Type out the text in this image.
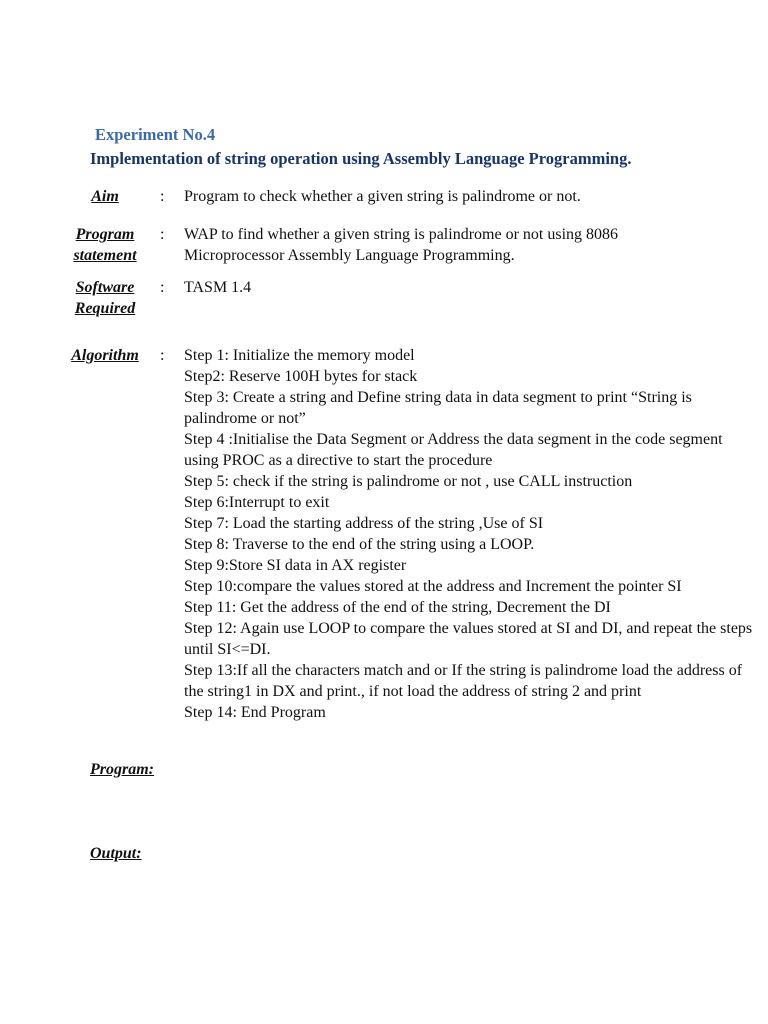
Experiment No.4
Implementation of string operation using Assembly Language Programming.
Aim	: Program to check whether a given string is palindrome or not.
Program
statement
: WAP to find whether a given string is palindrome or not using 8086
Microprocessor Assembly Language Programming.
Software
Required
: TASM 1.4
Algorithm	: Step 1: Initialize the memory model
Step2: Reserve 100H bytes for stack
Step 3: Create a string and Define string data in data segment to print “String is palindrome or not”
Step 4 :Initialise the Data Segment or Address the data segment in the code segment using PROC as a directive to start the procedure
Step 5: check if the string is palindrome or not , use CALL instruction
Step 6:Interrupt to exit
Step 7: Load the starting address of the string ,Use of SI
Step 8: Traverse to the end of the string using a LOOP.
Step 9:Store SI data in AX register
Step 10:compare the values stored at the address and Increment the pointer SI
Step 11: Get the address of the end of the string, Decrement the DI
Step 12: Again use LOOP to compare the values stored at SI and DI, and repeat the steps until SI<=DI.
Step 13:If all the characters match and or If the string is palindrome load the address of the string1 in DX and print., if not load the address of string 2 and print
Step 14: End Program
Program:
Output:
